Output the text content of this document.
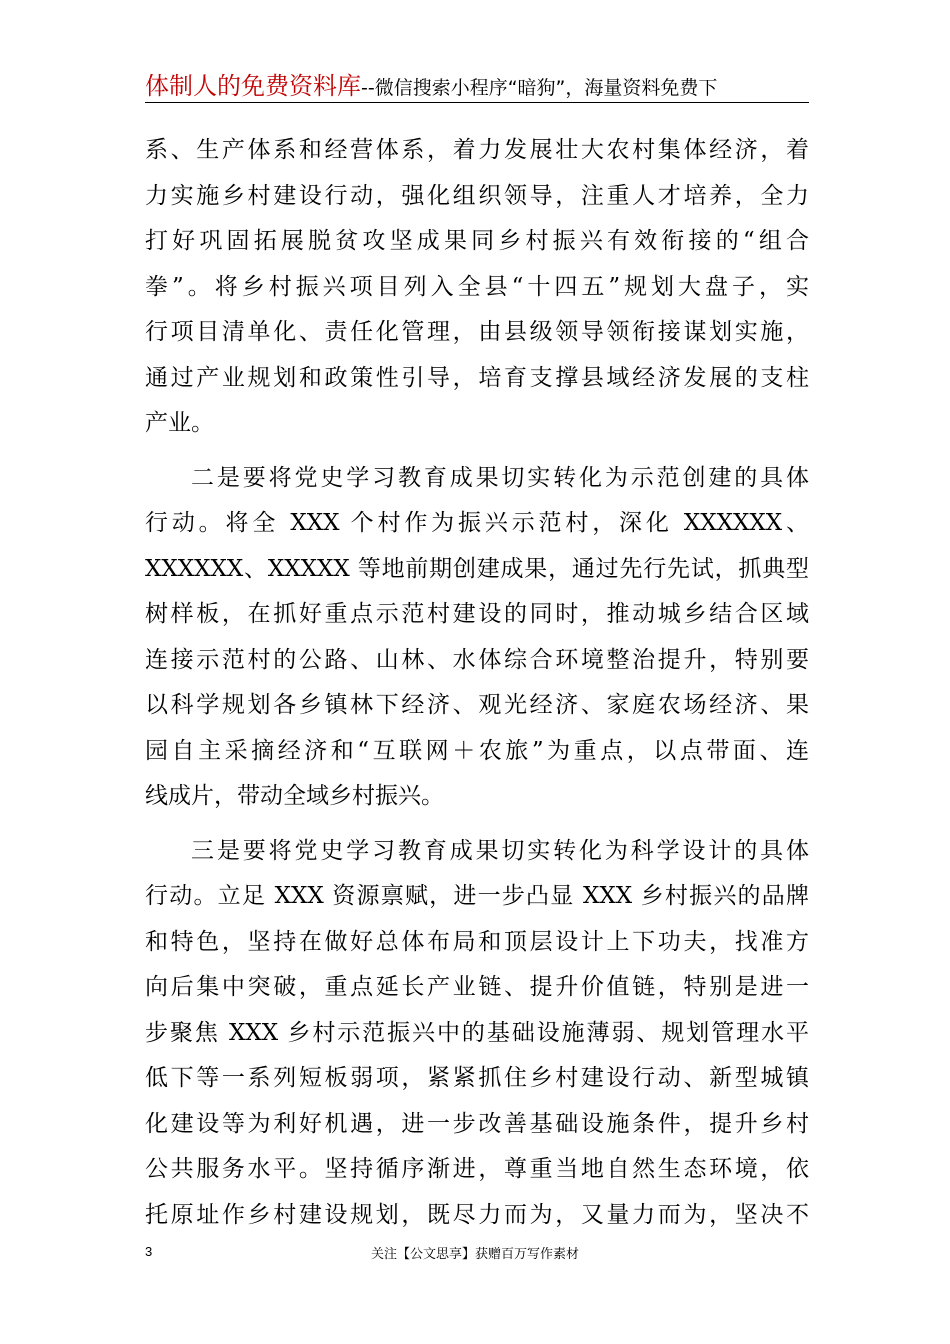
体制人的免费资料库--微信搜索小程序“暗狗”，海量资料免费下
系、生产体系和经营体系，着力发展壮大农村集体经济，着
力实施乡村建设行动，强化组织领导，注重人才培养，全力
打好巩固拓展脱贫攻坚成果同乡村振兴有效衔接的“组合
拳”。将乡村振兴项目列入全县“十四五”规划大盘子，实
行项目清单化、责任化管理，由县级领导领衔接谋划实施，
通过产业规划和政策性引导，培育支撑县域经济发展的支柱
产业。
二是要将党史学习教育成果切实转化为示范创建的具体
行动。将全 XXX 个村作为振兴示范村，深化 XXXXXX、
XXXXXX、XXXXX 等地前期创建成果，通过先行先试，抓典型
树样板，在抓好重点示范村建设的同时，推动城乡结合区域
连接示范村的公路、山林、水体综合环境整治提升，特别要
以科学规划各乡镇林下经济、观光经济、家庭农场经济、果
园自主采摘经济和“互联网＋农旅”为重点，以点带面、连
线成片，带动全域乡村振兴。
三是要将党史学习教育成果切实转化为科学设计的具体
行动。立足 XXX 资源禀赋，进一步凸显 XXX 乡村振兴的品牌
和特色，坚持在做好总体布局和顶层设计上下功夫，找准方
向后集中突破，重点延长产业链、提升价值链，特别是进一
步聚焦 XXX 乡村示范振兴中的基础设施薄弱、规划管理水平
低下等一系列短板弱项，紧紧抓住乡村建设行动、新型城镇
化建设等为利好机遇，进一步改善基础设施条件，提升乡村
公共服务水平。坚持循序渐进，尊重当地自然生态环境，依
托原址作乡村建设规划，既尽力而为，又量力而为，坚决不
3	关注【公文思享】获赠百万写作素材
